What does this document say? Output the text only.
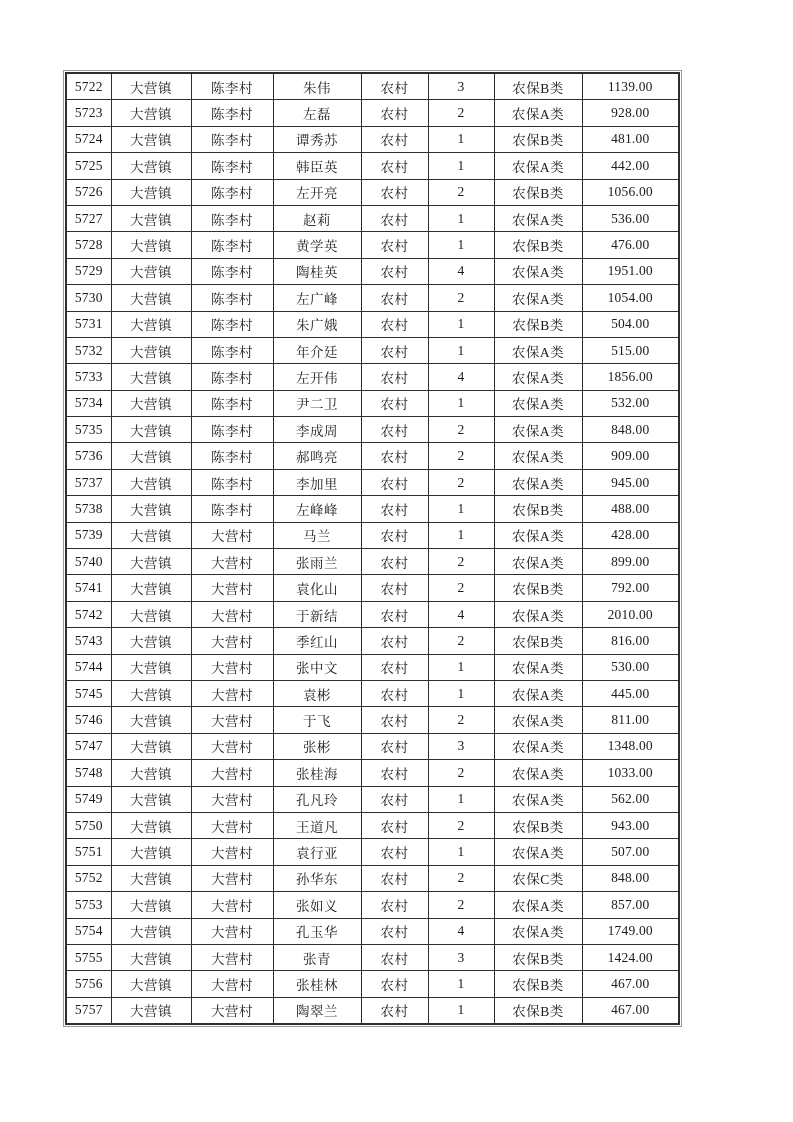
5722	大营镇	陈李村	朱伟	农村	3	农保B类	1139.00
5723	大营镇	陈李村	左磊	农村	2	农保A类	928.00
5724	大营镇	陈李村	谭秀苏	农村	1	农保B类	481.00
5725	大营镇	陈李村	韩臣英	农村	1	农保A类	442.00
5726	大营镇	陈李村	左开亮	农村	2	农保B类	1056.00
5727	大营镇	陈李村	赵莉	农村	1	农保A类	536.00
5728	大营镇	陈李村	黄学英	农村	1	农保B类	476.00
5729	大营镇	陈李村	陶桂英	农村	4	农保A类	1951.00
5730	大营镇	陈李村	左广峰	农村	2	农保A类	1054.00
5731	大营镇	陈李村	朱广娥	农村	1	农保B类	504.00
5732	大营镇	陈李村	年介廷	农村	1	农保A类	515.00
5733	大营镇	陈李村	左开伟	农村	4	农保A类	1856.00
5734	大营镇	陈李村	尹二卫	农村	1	农保A类	532.00
5735	大营镇	陈李村	李成周	农村	2	农保A类	848.00
5736	大营镇	陈李村	郝鸣亮	农村	2	农保A类	909.00
5737	大营镇	陈李村	李加里	农村	2	农保A类	945.00
5738	大营镇	陈李村	左峰峰	农村	1	农保B类	488.00
5739	大营镇	大营村	马兰	农村	1	农保A类	428.00
5740	大营镇	大营村	张雨兰	农村	2	农保A类	899.00
5741	大营镇	大营村	袁化山	农村	2	农保B类	792.00
5742	大营镇	大营村	于新结	农村	4	农保A类	2010.00
5743	大营镇	大营村	季红山	农村	2	农保B类	816.00
5744	大营镇	大营村	张中文	农村	1	农保A类	530.00
5745	大营镇	大营村	袁彬	农村	1	农保A类	445.00
5746	大营镇	大营村	于飞	农村	2	农保A类	811.00
5747	大营镇	大营村	张彬	农村	3	农保A类	1348.00
5748	大营镇	大营村	张桂海	农村	2	农保A类	1033.00
5749	大营镇	大营村	孔凡玲	农村	1	农保A类	562.00
5750	大营镇	大营村	王道凡	农村	2	农保B类	943.00
5751	大营镇	大营村	袁行亚	农村	1	农保A类	507.00
5752	大营镇	大营村	孙华东	农村	2	农保C类	848.00
5753	大营镇	大营村	张如义	农村	2	农保A类	857.00
5754	大营镇	大营村	孔玉华	农村	4	农保A类	1749.00
5755	大营镇	大营村	张青	农村	3	农保B类	1424.00
5756	大营镇	大营村	张桂林	农村	1	农保B类	467.00
5757	大营镇	大营村	陶翠兰	农村	1	农保B类	467.00
